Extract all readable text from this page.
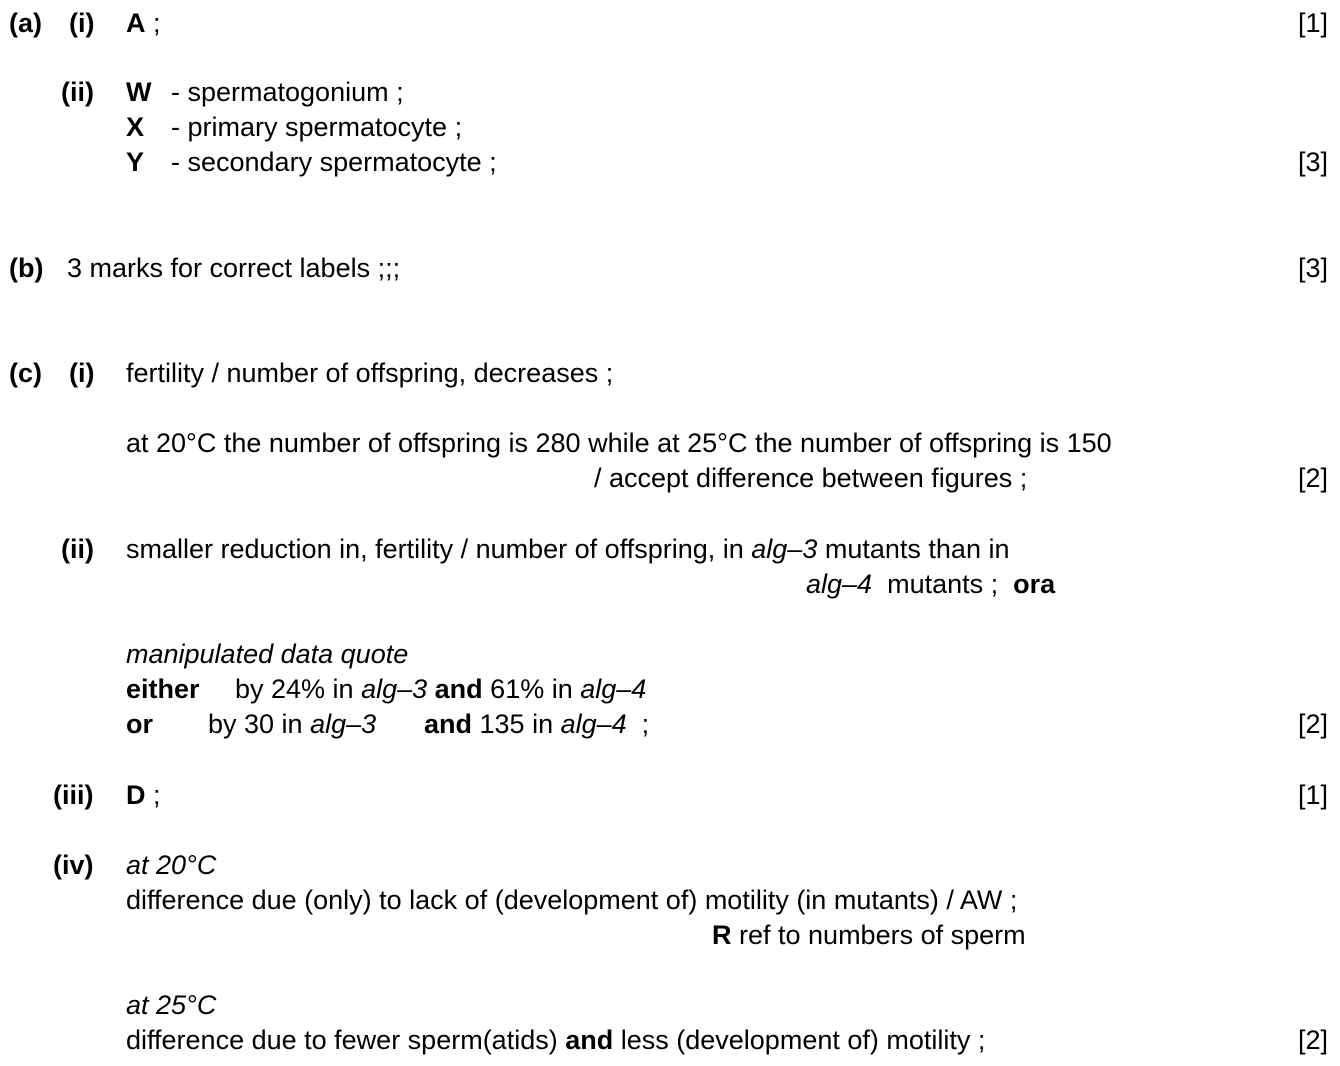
(a) (i) A ;	[1]
(ii) W - spermatogonium ;
X - primary spermatocyte ;
Y - secondary spermatocyte ;	[3]
(b) 3 marks for correct labels ;;;	[3]
(c) (i) fertility / number of offspring, decreases ;
at 20°C the number of offspring is 280 while at 25°C the number of offspring is 150
/ accept difference between figures ;	[2]
(ii) smaller reduction in, fertility / number of offspring, in alg–3 mutants than in
alg–4  mutants ;  ora
manipulated data quote
either by 24% in alg–3 and 61% in alg–4
or by 30 in alg–3 and 135 in alg–4  ;	[2]
(iii) D ;	[1]
(iv) at 20°C
difference due (only) to lack of (development of) motility (in mutants) / AW ;
R ref to numbers of sperm
at 25°C
difference due to fewer sperm(atids) and less (development of) motility ;	[2]
